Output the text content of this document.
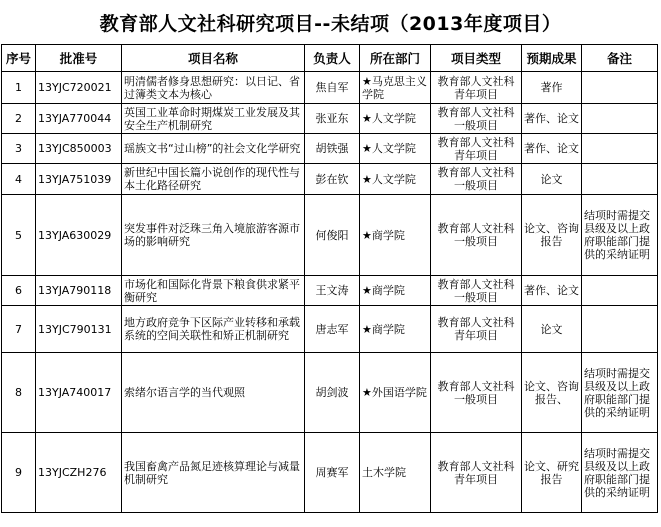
教育部人文社科研究项目--未结项（2013年度项目）
序号	批准号	项目名称	负责人	所在部门	项目类型	预期成果	备注
1	13YJC720021	明清儒者修身思想研究：以日记、省过簿类文本为核心	焦自军	★马克思主义学院	教育部人文社科青年项目	著作	
2	13YJA770044	英国工业革命时期煤炭工业发展及其安全生产机制研究	张亚东	★人文学院	教育部人文社科一般项目	著作、论文	
3	13YJC850003	瑶族文书“过山榜”的社会文化学研究	胡铁强	★人文学院	教育部人文社科青年项目	著作、论文	
4	13YJA751039	新世纪中国长篇小说创作的现代性与本土化路径研究	彭在钦	★人文学院	教育部人文社科一般项目	论文	
5	13YJA630029	突发事件对泛珠三角入境旅游客源市场的影响研究	何俊阳	★商学院	教育部人文社科一般项目	论文、咨询报告	结项时需提交县级及以上政府职能部门提供的采纳证明
6	13YJA790118	市场化和国际化背景下粮食供求紧平衡研究	王文涛	★商学院	教育部人文社科一般项目	著作、论文	
7	13YJC790131	地方政府竞争下区际产业转移和承载系统的空间关联性和矫正机制研究	唐志军	★商学院	教育部人文社科青年项目	论文	
8	13YJA740017	索绪尔语言学的当代观照	胡剑波	★外国语学院	教育部人文社科一般项目	论文、咨询报告、	结项时需提交县级及以上政府职能部门提供的采纳证明
9	13YJCZH276	我国畜禽产品氮足迹核算理论与减量机制研究	周赛军	土木学院	教育部人文社科青年项目	论文、研究报告	结项时需提交县级及以上政府职能部门提供的采纳证明
